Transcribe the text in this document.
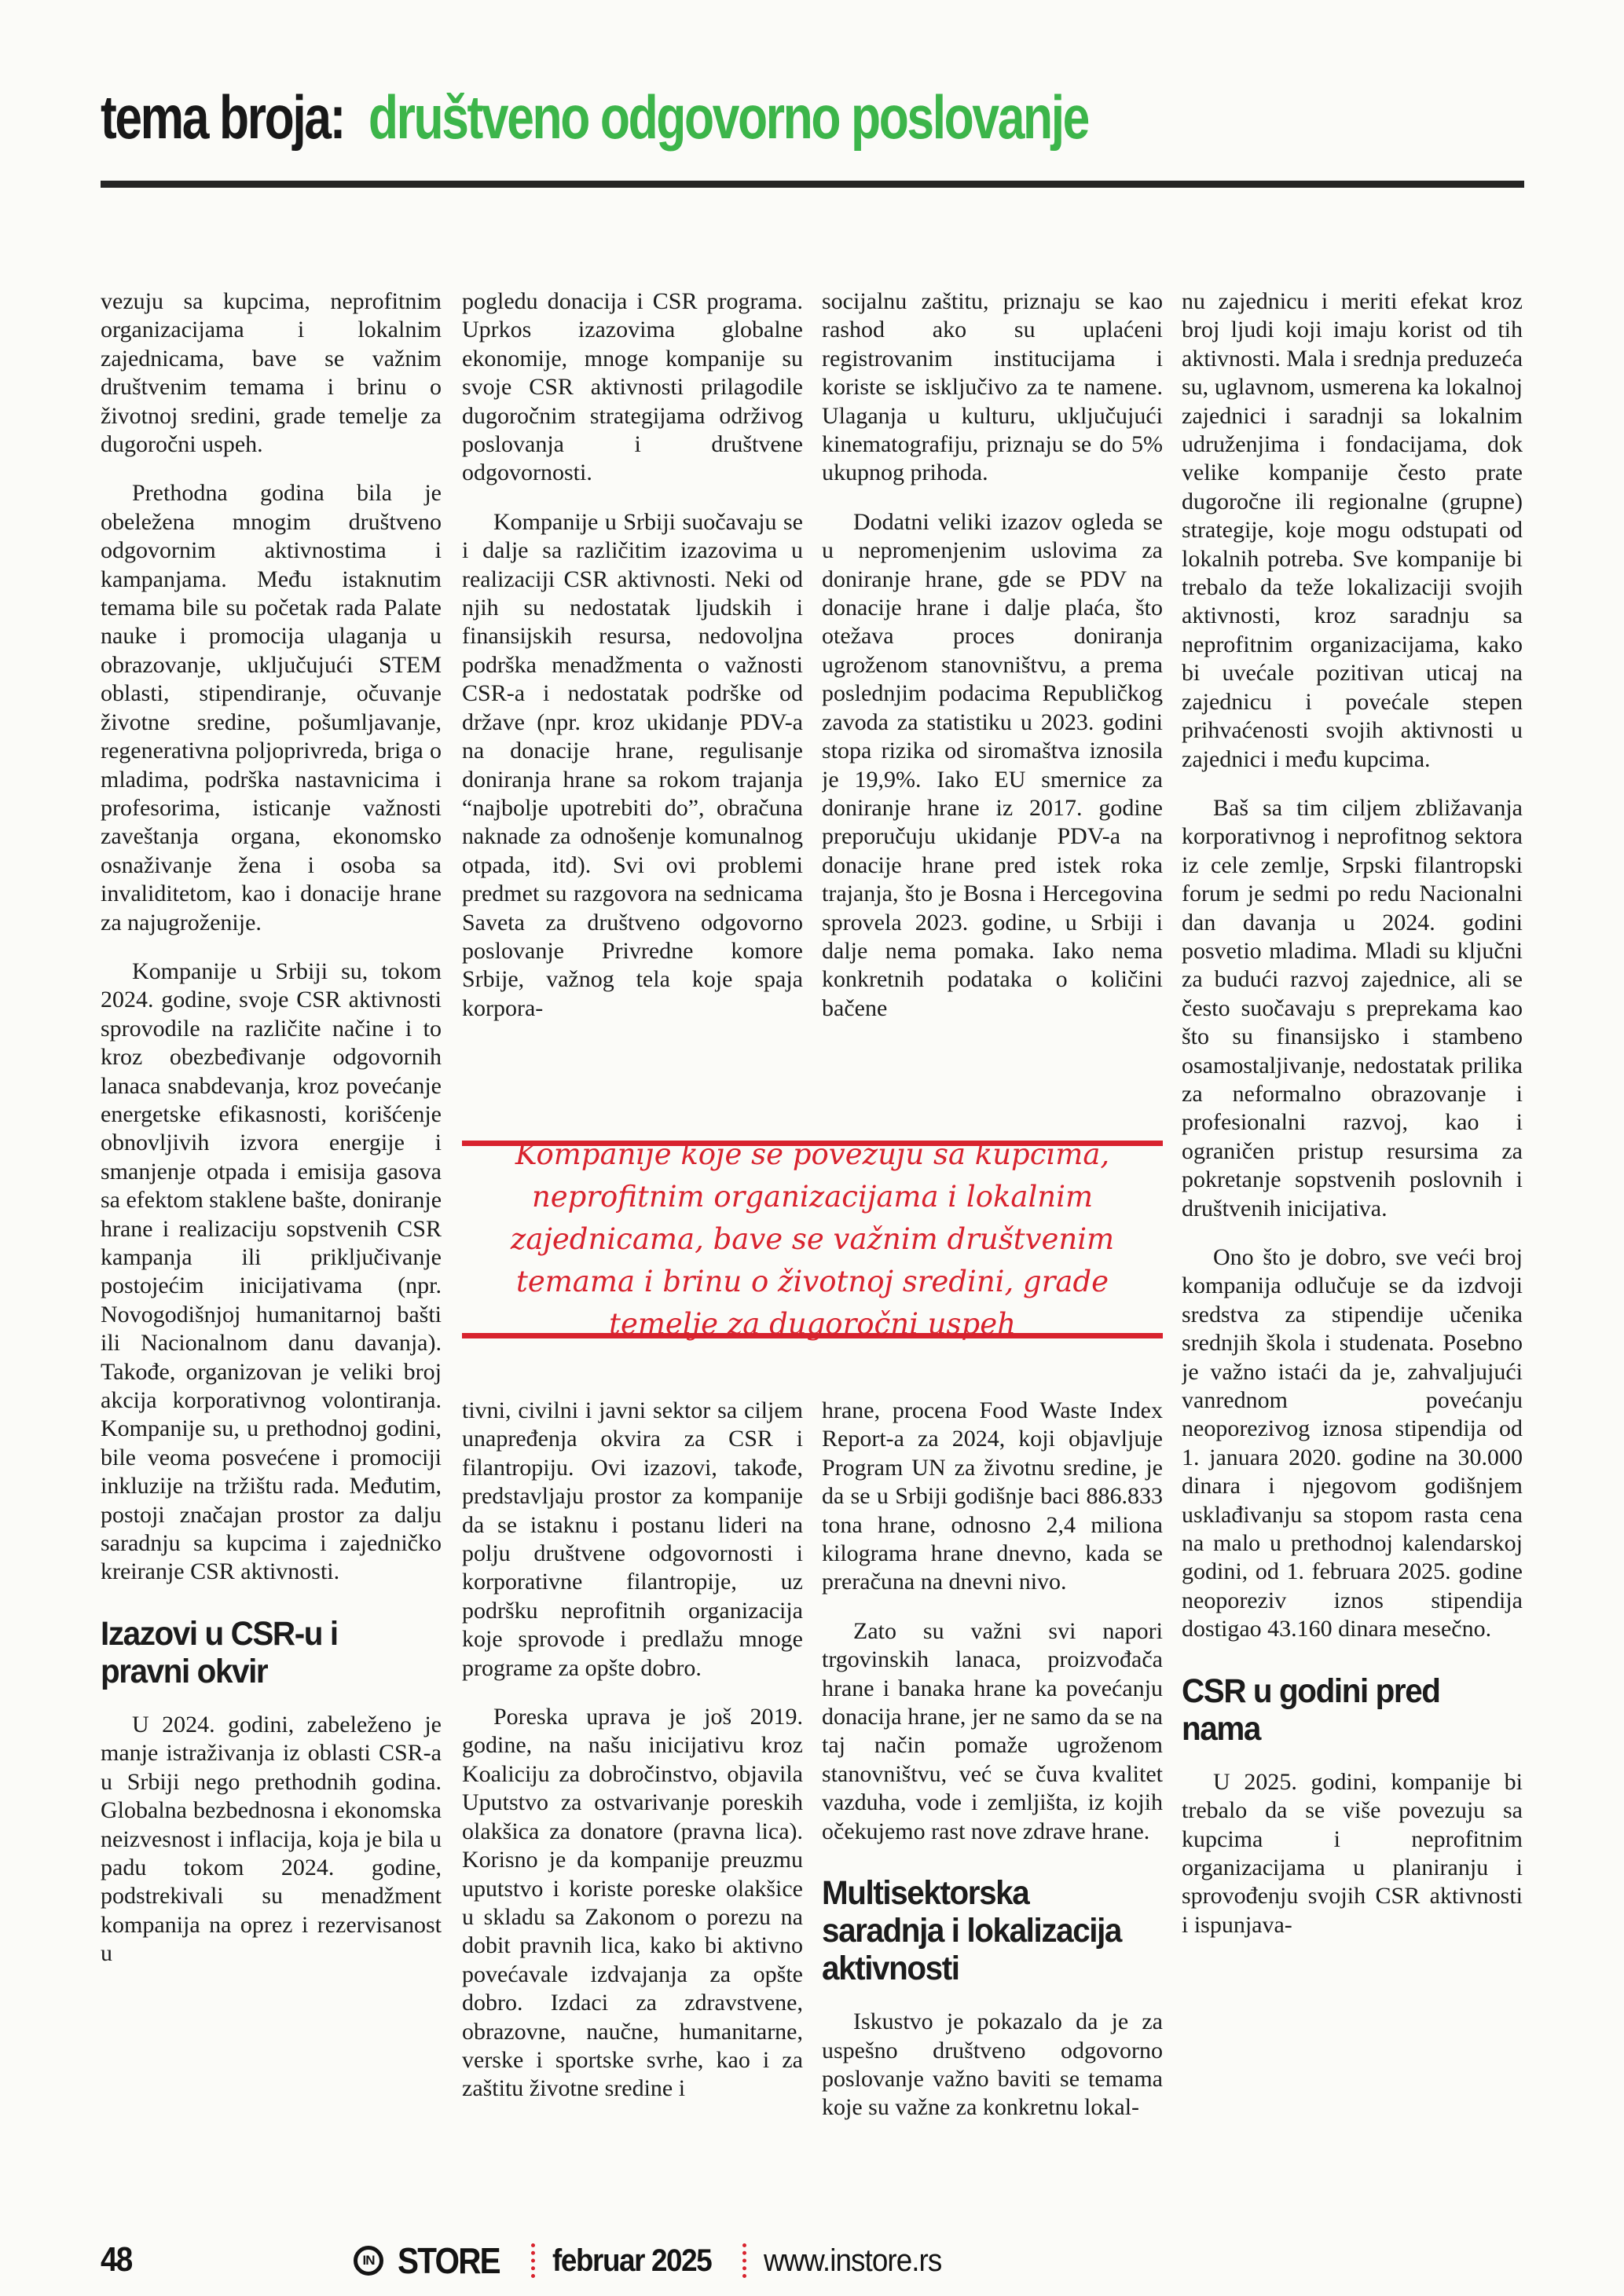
tema broja: društveno odgovorno poslovanje

vezuju sa kupcima, neprofitnim organizacijama i lokalnim zajednicama, bave se važnim društvenim temama i brinu o životnoj sredini, grade temelje za dugoročni uspeh.

Prethodna godina bila je obeležena mnogim društveno odgovornim aktivnostima i kampanjama. Među istaknutim temama bile su početak rada Palate nauke i promocija ulaganja u obrazovanje, uključujući STEM oblasti, stipendiranje, očuvanje životne sredine, pošumljavanje, regenerativna poljoprivreda, briga o mladima, podrška nastavnicima i profesorima, isticanje važnosti zaveštanja organa, ekonomsko osnaživanje žena i osoba sa invaliditetom, kao i donacije hrane za najugroženije.

Kompanije u Srbiji su, tokom 2024. godine, svoje CSR aktivnosti sprovodile na različite načine i to kroz obezbeđivanje odgovornih lanaca snabdevanja, kroz povećanje energetske efikasnosti, korišćenje obnovljivih izvora energije i smanjenje otpada i emisija gasova sa efektom staklene bašte, doniranje hrane i realizaciju sopstvenih CSR kampanja ili priključivanje postojećim inicijativama (npr. Novogodišnjoj humanitarnoj bašti ili Nacionalnom danu davanja). Takođe, organizovan je veliki broj akcija korporativnog volontiranja. Kompanije su, u prethodnoj godini, bile veoma posvećene i promociji inkluzije na tržištu rada. Međutim, postoji značajan prostor za dalju saradnju sa kupcima i zajedničko kreiranje CSR aktivnosti.

Izazovi u CSR-u i
pravni okvir

U 2024. godini, zabeleženo je manje istraživanja iz oblasti CSR-a u Srbiji nego prethodnih godina. Globalna bezbednosna i ekonomska neizvesnost i inflacija, koja je bila u padu tokom 2024. godine, podstrekivali su menadžment kompanija na oprez i rezervisanost u

pogledu donacija i CSR programa. Uprkos izazovima globalne ekonomije, mnoge kompanije su svoje CSR aktivnosti prilagodile dugoročnim strategijama održivog poslovanja i društvene odgovornosti.

Kompanije u Srbiji suočavaju se i dalje sa različitim izazovima u realizaciji CSR aktivnosti. Neki od njih su nedostatak ljudskih i finansijskih resursa, nedovoljna podrška menadžmenta o važnosti CSR-a i nedostatak podrške od države (npr. kroz ukidanje PDV-a na donacije hrane, regulisanje doniranja hrane sa rokom trajanja “najbolje upotrebiti do”, obračuna naknade za odnošenje komunalnog otpada, itd). Svi ovi problemi predmet su razgovora na sednicama Saveta za društveno odgovorno poslovanje Privredne komore Srbije, važnog tela koje spaja korpora-

socijalnu zaštitu, priznaju se kao rashod ako su uplaćeni registrovanim institucijama i koriste se isključivo za te namene. Ulaganja u kulturu, uključujući kinematografiju, priznaju se do 5% ukupnog prihoda.

Dodatni veliki izazov ogleda se u nepromenjenim uslovima za doniranje hrane, gde se PDV na donacije hrane i dalje plaća, što otežava proces doniranja ugroženom stanovništvu, a prema poslednjim podacima Republičkog zavoda za statistiku u 2023. godini stopa rizika od siromaštva iznosila je 19,9%. Iako EU smernice za doniranje hrane iz 2017. godine preporučuju ukidanje PDV-a na donacije hrane pred istek roka trajanja, što je Bosna i Hercegovina sprovela 2023. godine, u Srbiji i dalje nema pomaka. Iako nema konkretnih podataka o količini bačene

Kompanije koje se povezuju sa kupcima, neprofitnim organizacijama i lokalnim zajednicama, bave se važnim društvenim temama i brinu o životnoj sredini, grade temelje za dugoročni uspeh

tivni, civilni i javni sektor sa ciljem unapređenja okvira za CSR i filantropiju. Ovi izazovi, takođe, predstavljaju prostor za kompanije da se istaknu i postanu lideri na polju društvene odgovornosti i korporativne filantropije, uz podršku neprofitnih organizacija koje sprovode i predlažu mnoge programe za opšte dobro.

Poreska uprava je još 2019. godine, na našu inicijativu kroz Koaliciju za dobročinstvo, objavila Uputstvo za ostvarivanje poreskih olakšica za donatore (pravna lica). Korisno je da kompanije preuzmu uputstvo i koriste poreske olakšice u skladu sa Zakonom o porezu na dobit pravnih lica, kako bi aktivno povećavale izdvajanja za opšte dobro. Izdaci za zdravstvene, obrazovne, naučne, humanitarne, verske i sportske svrhe, kao i za zaštitu životne sredine i

hrane, procena Food Waste Index Report-a za 2024, koji objavljuje Program UN za životnu sredine, je da se u Srbiji godišnje baci 886.833 tona hrane, odnosno 2,4 miliona kilograma hrane dnevno, kada se preračuna na dnevni nivo.

Zato su važni svi napori trgovinskih lanaca, proizvođača hrane i banaka hrane ka povećanju donacija hrane, jer ne samo da se na taj način pomaže ugroženom stanovništvu, već se čuva kvalitet vazduha, vode i zemljišta, iz kojih očekujemo rast nove zdrave hrane.

Multisektorska
saradnja i lokalizacija
aktivnosti

Iskustvo je pokazalo da je za uspešno društveno odgovorno poslovanje važno baviti se temama koje su važne za konkretnu lokal-

nu zajednicu i meriti efekat kroz broj ljudi koji imaju korist od tih aktivnosti. Mala i srednja preduzeća su, uglavnom, usmerena ka lokalnoj zajednici i saradnji sa lokalnim udruženjima i fondacijama, dok velike kompanije često prate dugoročne ili regionalne (grupne) strategije, koje mogu odstupati od lokalnih potreba. Sve kompanije bi trebalo da teže lokalizaciji svojih aktivnosti, kroz saradnju sa neprofitnim organizacijama, kako bi uvećale pozitivan uticaj na zajednicu i povećale stepen prihvaćenosti svojih aktivnosti u zajednici i među kupcima.

Baš sa tim ciljem zbližavanja korporativnog i neprofitnog sektora iz cele zemlje, Srpski filantropski forum je sedmi po redu Nacionalni dan davanja u 2024. godini posvetio mladima. Mladi su ključni za budući razvoj zajednice, ali se često suočavaju s preprekama kao što su finansijsko i stambeno osamostaljivanje, nedostatak prilika za neformalno obrazovanje i profesionalni razvoj, kao i ograničen pristup resursima za pokretanje sopstvenih poslovnih i društvenih inicijativa.

Ono što je dobro, sve veći broj kompanija odlučuje se da izdvoji sredstva za stipendije učenika srednjih škola i studenata. Posebno je važno istaći da je, zahvaljujući vanrednom povećanju neoporezivog iznosa stipendija od 1. januara 2020. godine na 30.000 dinara i njegovom godišnjem usklađivanju sa stopom rasta cena na malo u prethodnoj kalendarskoj godini, od 1. februara 2025. godine neoporeziv iznos stipendija dostigao 43.160 dinara mesečno.

CSR u godini pred
nama

U 2025. godini, kompanije bi trebalo da se više povezuju sa kupcima i neprofitnim organizacijama u planiranju i sprovođenju svojih CSR aktivnosti i ispunjava-

48	IN STORE februar 2025 www.instore.rs
